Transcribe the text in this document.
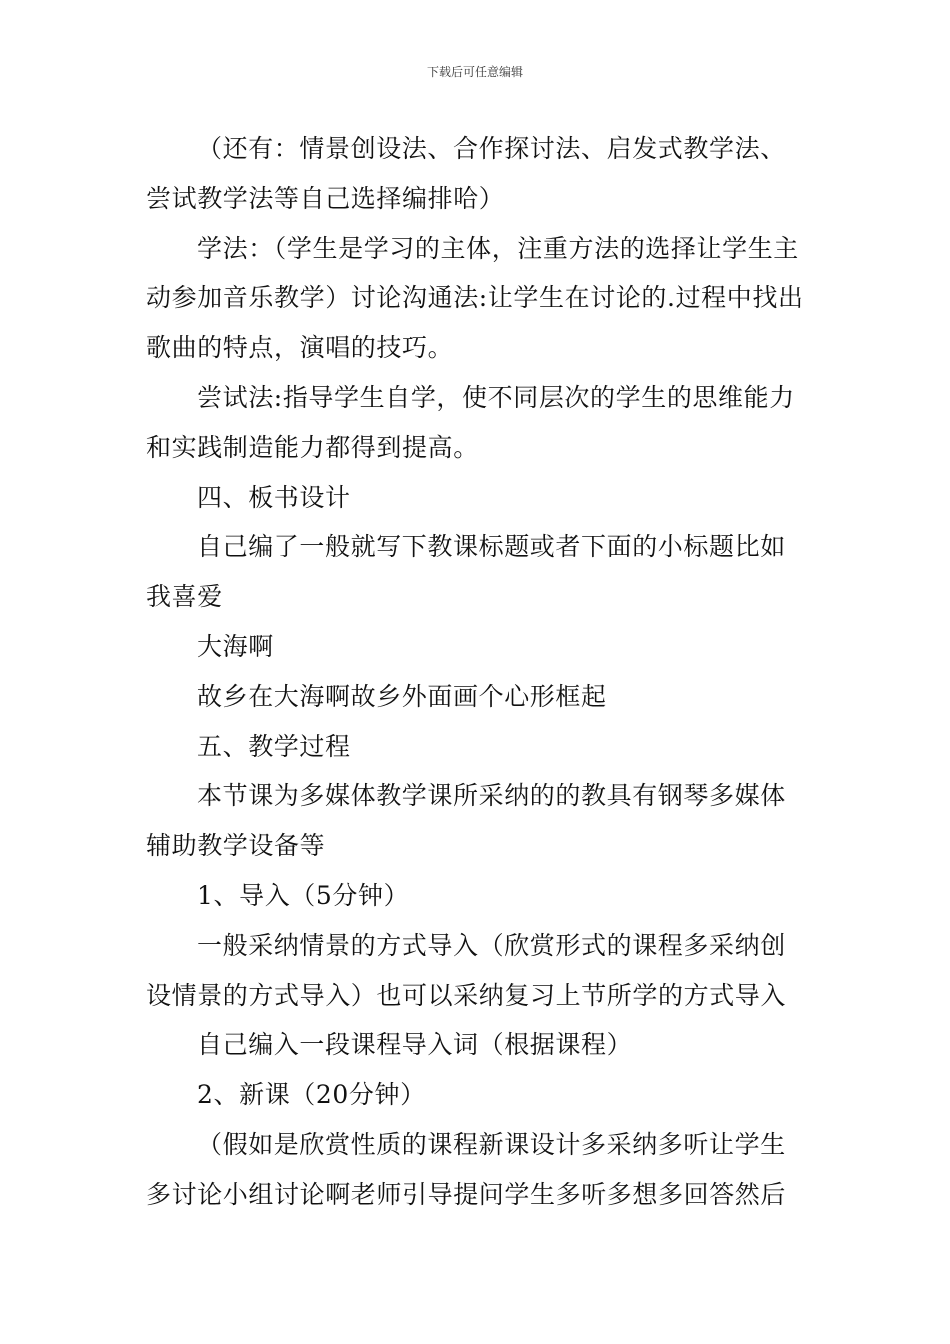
下载后可任意编辑

（还有：情景创设法、合作探讨法、启发式教学法、尝试教学法等自己选择编排哈）

学法：（学生是学习的主体，注重方法的选择让学生主动参加音乐教学）讨论沟通法:让学生在讨论的.过程中找出歌曲的特点，演唱的技巧。

尝试法:指导学生自学，使不同层次的学生的思维能力和实践制造能力都得到提高。

四、板书设计

自己编了一般就写下教课标题或者下面的小标题比如我喜爱

大海啊

故乡在大海啊故乡外面画个心形框起

五、教学过程

本节课为多媒体教学课所采纳的的教具有钢琴多媒体辅助教学设备等

1、导入（5分钟）

一般采纳情景的方式导入（欣赏形式的课程多采纳创设情景的方式导入）也可以采纳复习上节所学的方式导入

自己编入一段课程导入词（根据课程）

2、新课（20分钟）

（假如是欣赏性质的课程新课设计多采纳多听让学生多讨论小组讨论啊老师引导提问学生多听多想多回答然后
